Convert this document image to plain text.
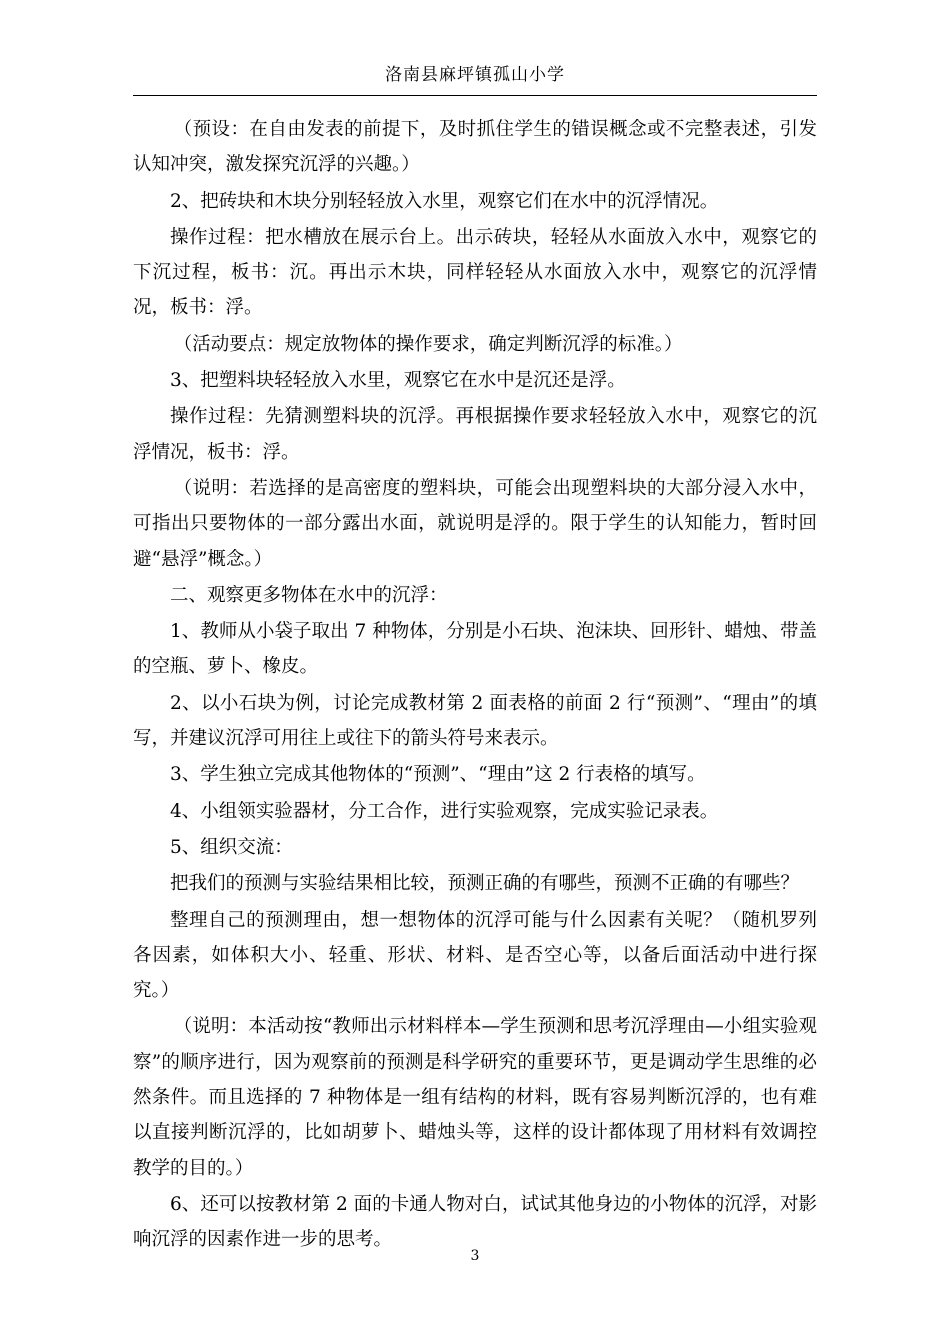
洛南县麻坪镇孤山小学

（预设：在自由发表的前提下，及时抓住学生的错误概念或不完整表述，引发认知冲突，激发探究沉浮的兴趣。）

2、把砖块和木块分别轻轻放入水里，观察它们在水中的沉浮情况。

操作过程：把水槽放在展示台上。出示砖块，轻轻从水面放入水中，观察它的下沉过程，板书：沉。再出示木块，同样轻轻从水面放入水中，观察它的沉浮情况，板书：浮。

（活动要点：规定放物体的操作要求，确定判断沉浮的标准。）

3、把塑料块轻轻放入水里，观察它在水中是沉还是浮。

操作过程：先猜测塑料块的沉浮。再根据操作要求轻轻放入水中，观察它的沉浮情况，板书：浮。

（说明：若选择的是高密度的塑料块，可能会出现塑料块的大部分浸入水中，可指出只要物体的一部分露出水面，就说明是浮的。限于学生的认知能力，暂时回避“悬浮”概念。）

二、观察更多物体在水中的沉浮：

1、教师从小袋子取出 7 种物体，分别是小石块、泡沫块、回形针、蜡烛、带盖的空瓶、萝卜、橡皮。

2、以小石块为例，讨论完成教材第 2 面表格的前面 2 行“预测”、“理由”的填写，并建议沉浮可用往上或往下的箭头符号来表示。

3、学生独立完成其他物体的“预测”、“理由”这 2 行表格的填写。

4、小组领实验器材，分工合作，进行实验观察，完成实验记录表。

5、组织交流：

把我们的预测与实验结果相比较，预测正确的有哪些，预测不正确的有哪些？

整理自己的预测理由，想一想物体的沉浮可能与什么因素有关呢？（随机罗列各因素，如体积大小、轻重、形状、材料、是否空心等，以备后面活动中进行探究。）

（说明：本活动按“教师出示材料样本—学生预测和思考沉浮理由—小组实验观察”的顺序进行，因为观察前的预测是科学研究的重要环节，更是调动学生思维的必然条件。而且选择的 7 种物体是一组有结构的材料，既有容易判断沉浮的，也有难以直接判断沉浮的，比如胡萝卜、蜡烛头等，这样的设计都体现了用材料有效调控教学的目的。）

6、还可以按教材第 2 面的卡通人物对白，试试其他身边的小物体的沉浮，对影响沉浮的因素作进一步的思考。

3
